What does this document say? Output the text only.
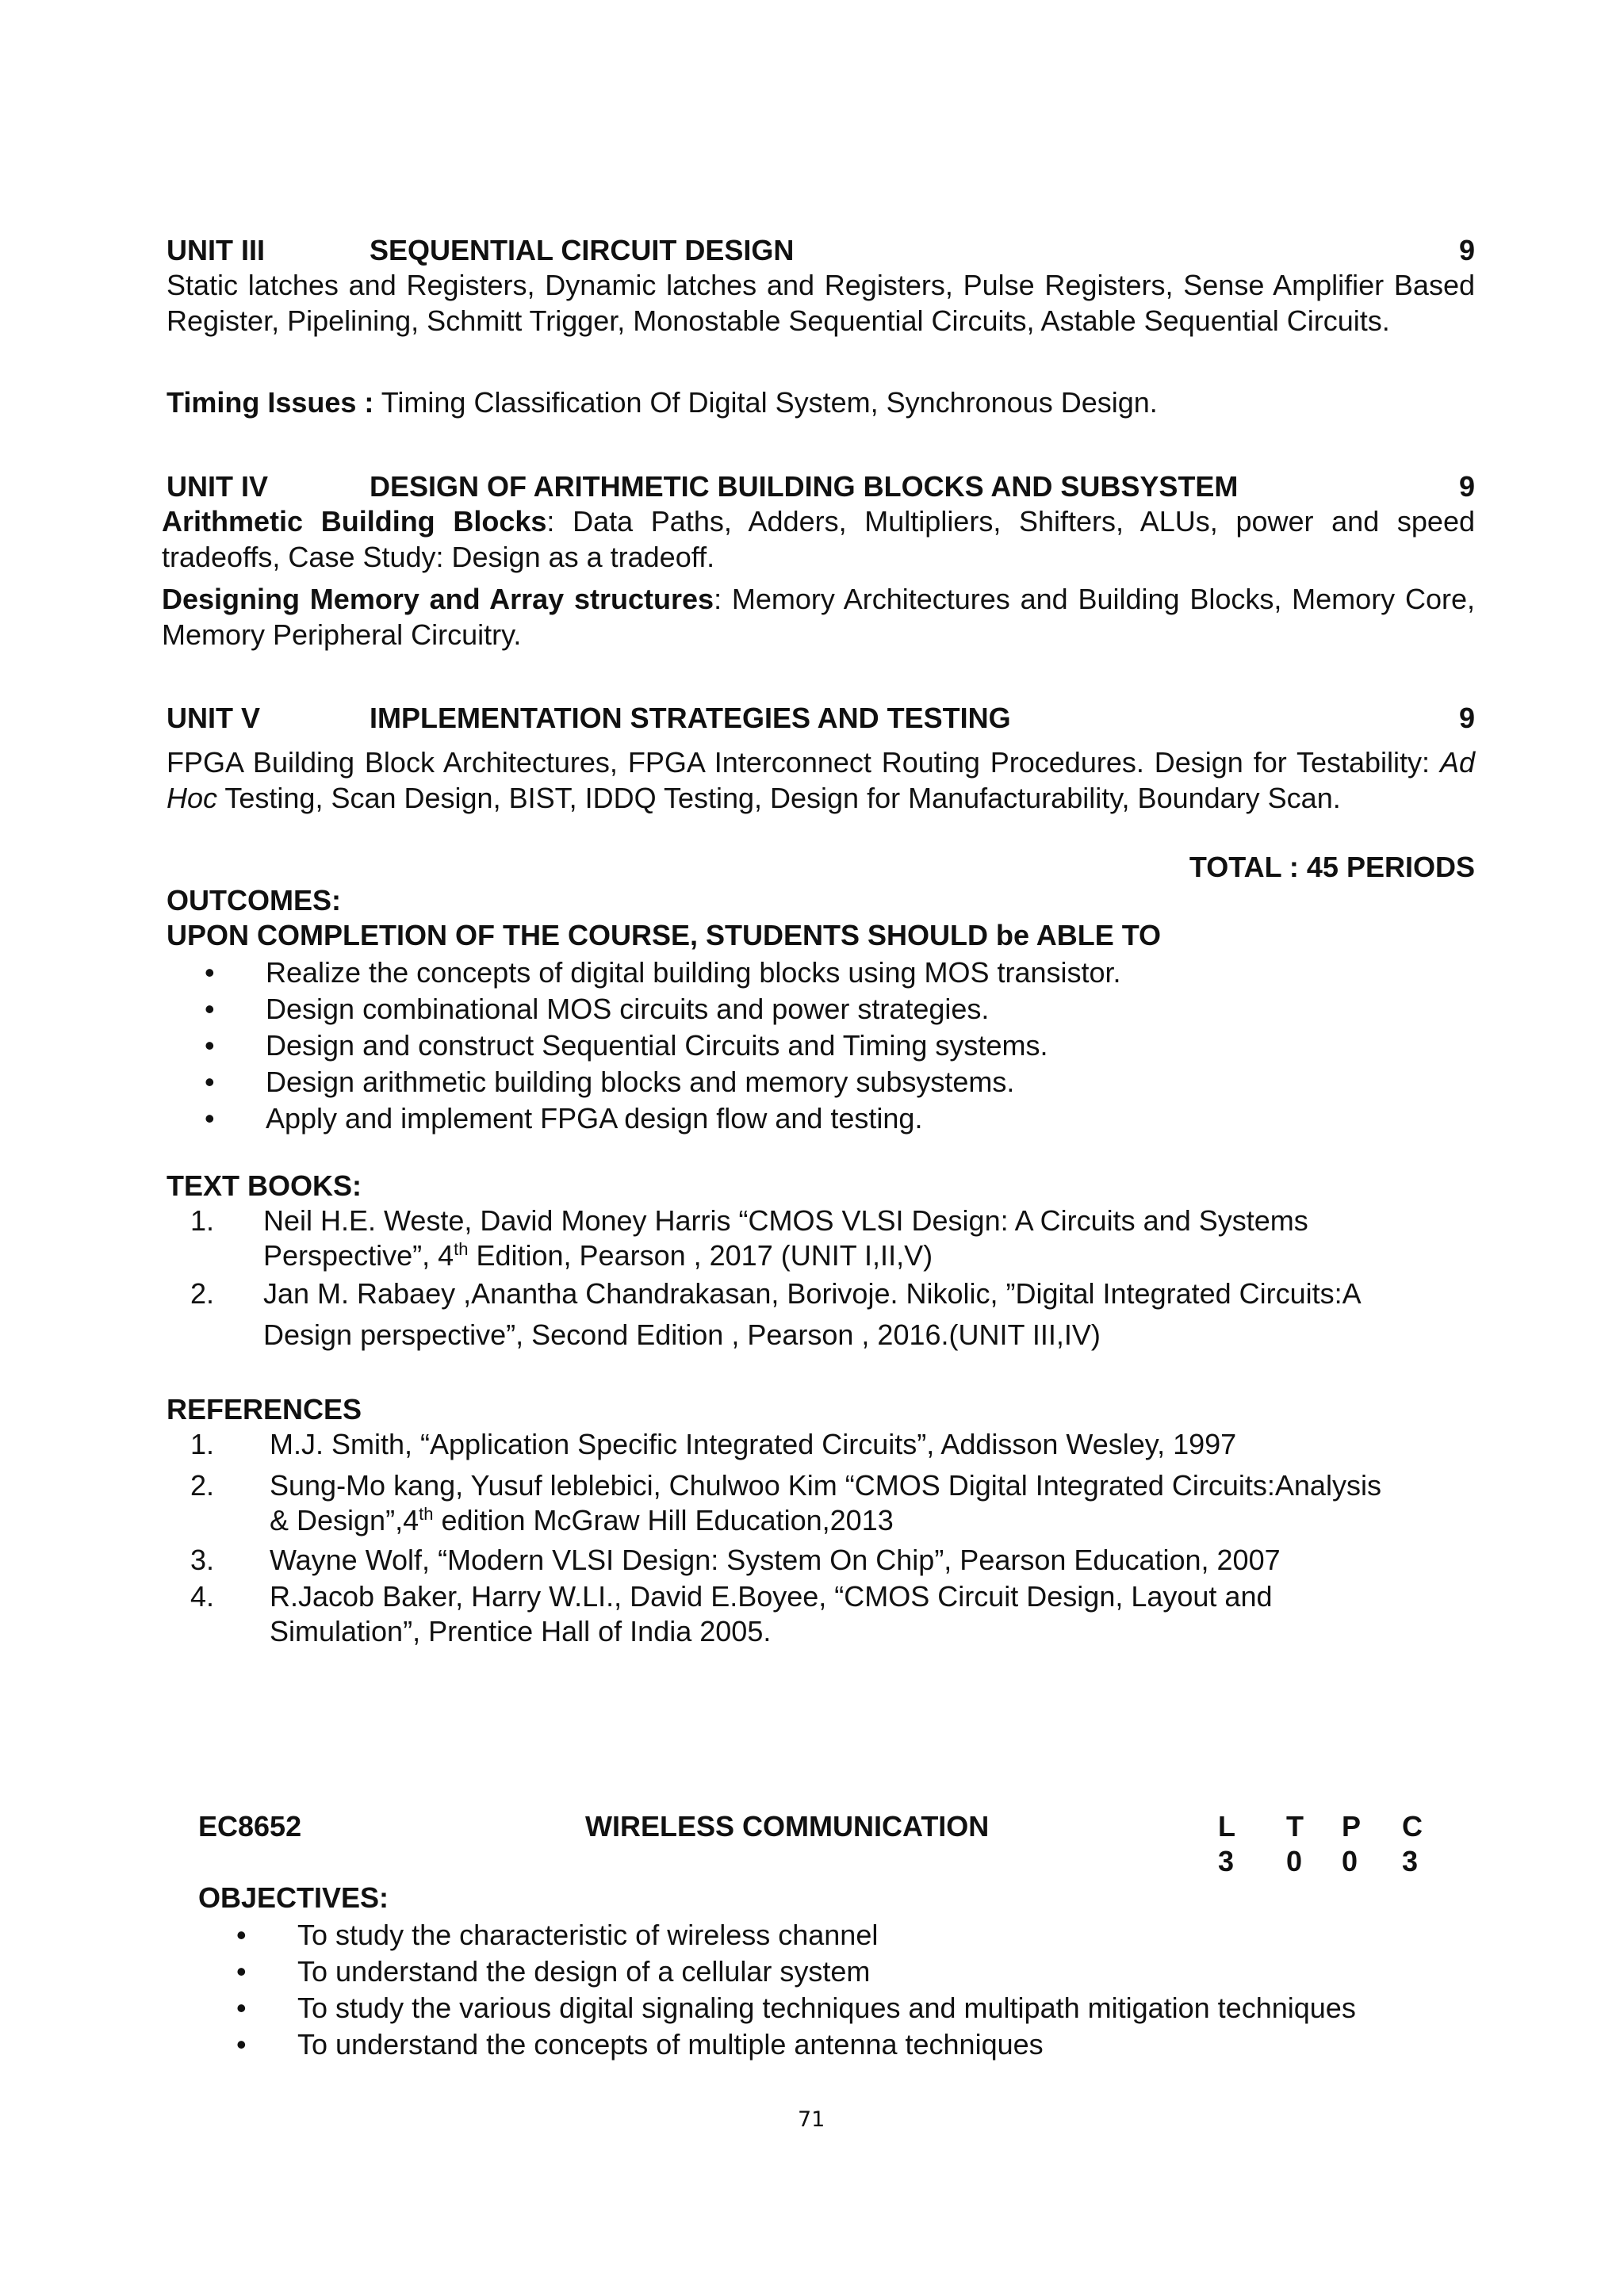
UNIT III	SEQUENTIAL CIRCUIT DESIGN	9
Static latches and Registers, Dynamic latches and Registers, Pulse Registers, Sense Amplifier Based Register, Pipelining, Schmitt Trigger, Monostable Sequential Circuits, Astable Sequential Circuits.
Timing Issues : Timing Classification Of Digital System, Synchronous Design.
UNIT IV	DESIGN OF ARITHMETIC BUILDING BLOCKS AND SUBSYSTEM	9
Arithmetic Building Blocks: Data Paths, Adders, Multipliers, Shifters, ALUs, power and speed tradeoffs, Case Study: Design as a tradeoff.
Designing Memory and Array structures: Memory Architectures and Building Blocks, Memory Core, Memory Peripheral Circuitry.
UNIT V	IMPLEMENTATION STRATEGIES AND TESTING	9
FPGA Building Block Architectures, FPGA Interconnect Routing Procedures. Design for Testability: Ad Hoc Testing, Scan Design, BIST, IDDQ Testing, Design for Manufacturability, Boundary Scan.
TOTAL : 45 PERIODS
OUTCOMES:
UPON COMPLETION OF THE COURSE, STUDENTS SHOULD be ABLE TO
• Realize the concepts of digital building blocks using MOS transistor.
• Design combinational MOS circuits and power strategies.
• Design and construct Sequential Circuits and Timing systems.
• Design arithmetic building blocks and memory subsystems.
• Apply and implement FPGA design flow and testing.
TEXT BOOKS:
1. Neil H.E. Weste, David Money Harris “CMOS VLSI Design: A Circuits and Systems
Perspective”, 4th Edition, Pearson , 2017 (UNIT I,II,V)
2. Jan M. Rabaey ,Anantha Chandrakasan, Borivoje. Nikolic, ”Digital Integrated Circuits:A
Design perspective”, Second Edition , Pearson , 2016.(UNIT III,IV)
REFERENCES
1. M.J. Smith, “Application Specific Integrated Circuits”, Addisson Wesley, 1997
2. Sung-Mo kang, Yusuf leblebici, Chulwoo Kim “CMOS Digital Integrated Circuits:Analysis
& Design”,4th edition McGraw Hill Education,2013
3. Wayne Wolf, “Modern VLSI Design: System On Chip”, Pearson Education, 2007
4. R.Jacob Baker, Harry W.LI., David E.Boyee, “CMOS Circuit Design, Layout and
Simulation”, Prentice Hall of India 2005.
EC8652	WIRELESS COMMUNICATION	L T P C
3 0 0 3
OBJECTIVES:
• To study the characteristic of wireless channel
• To understand the design of a cellular system
• To study the various digital signaling techniques and multipath mitigation techniques
• To understand the concepts of multiple antenna techniques
71
